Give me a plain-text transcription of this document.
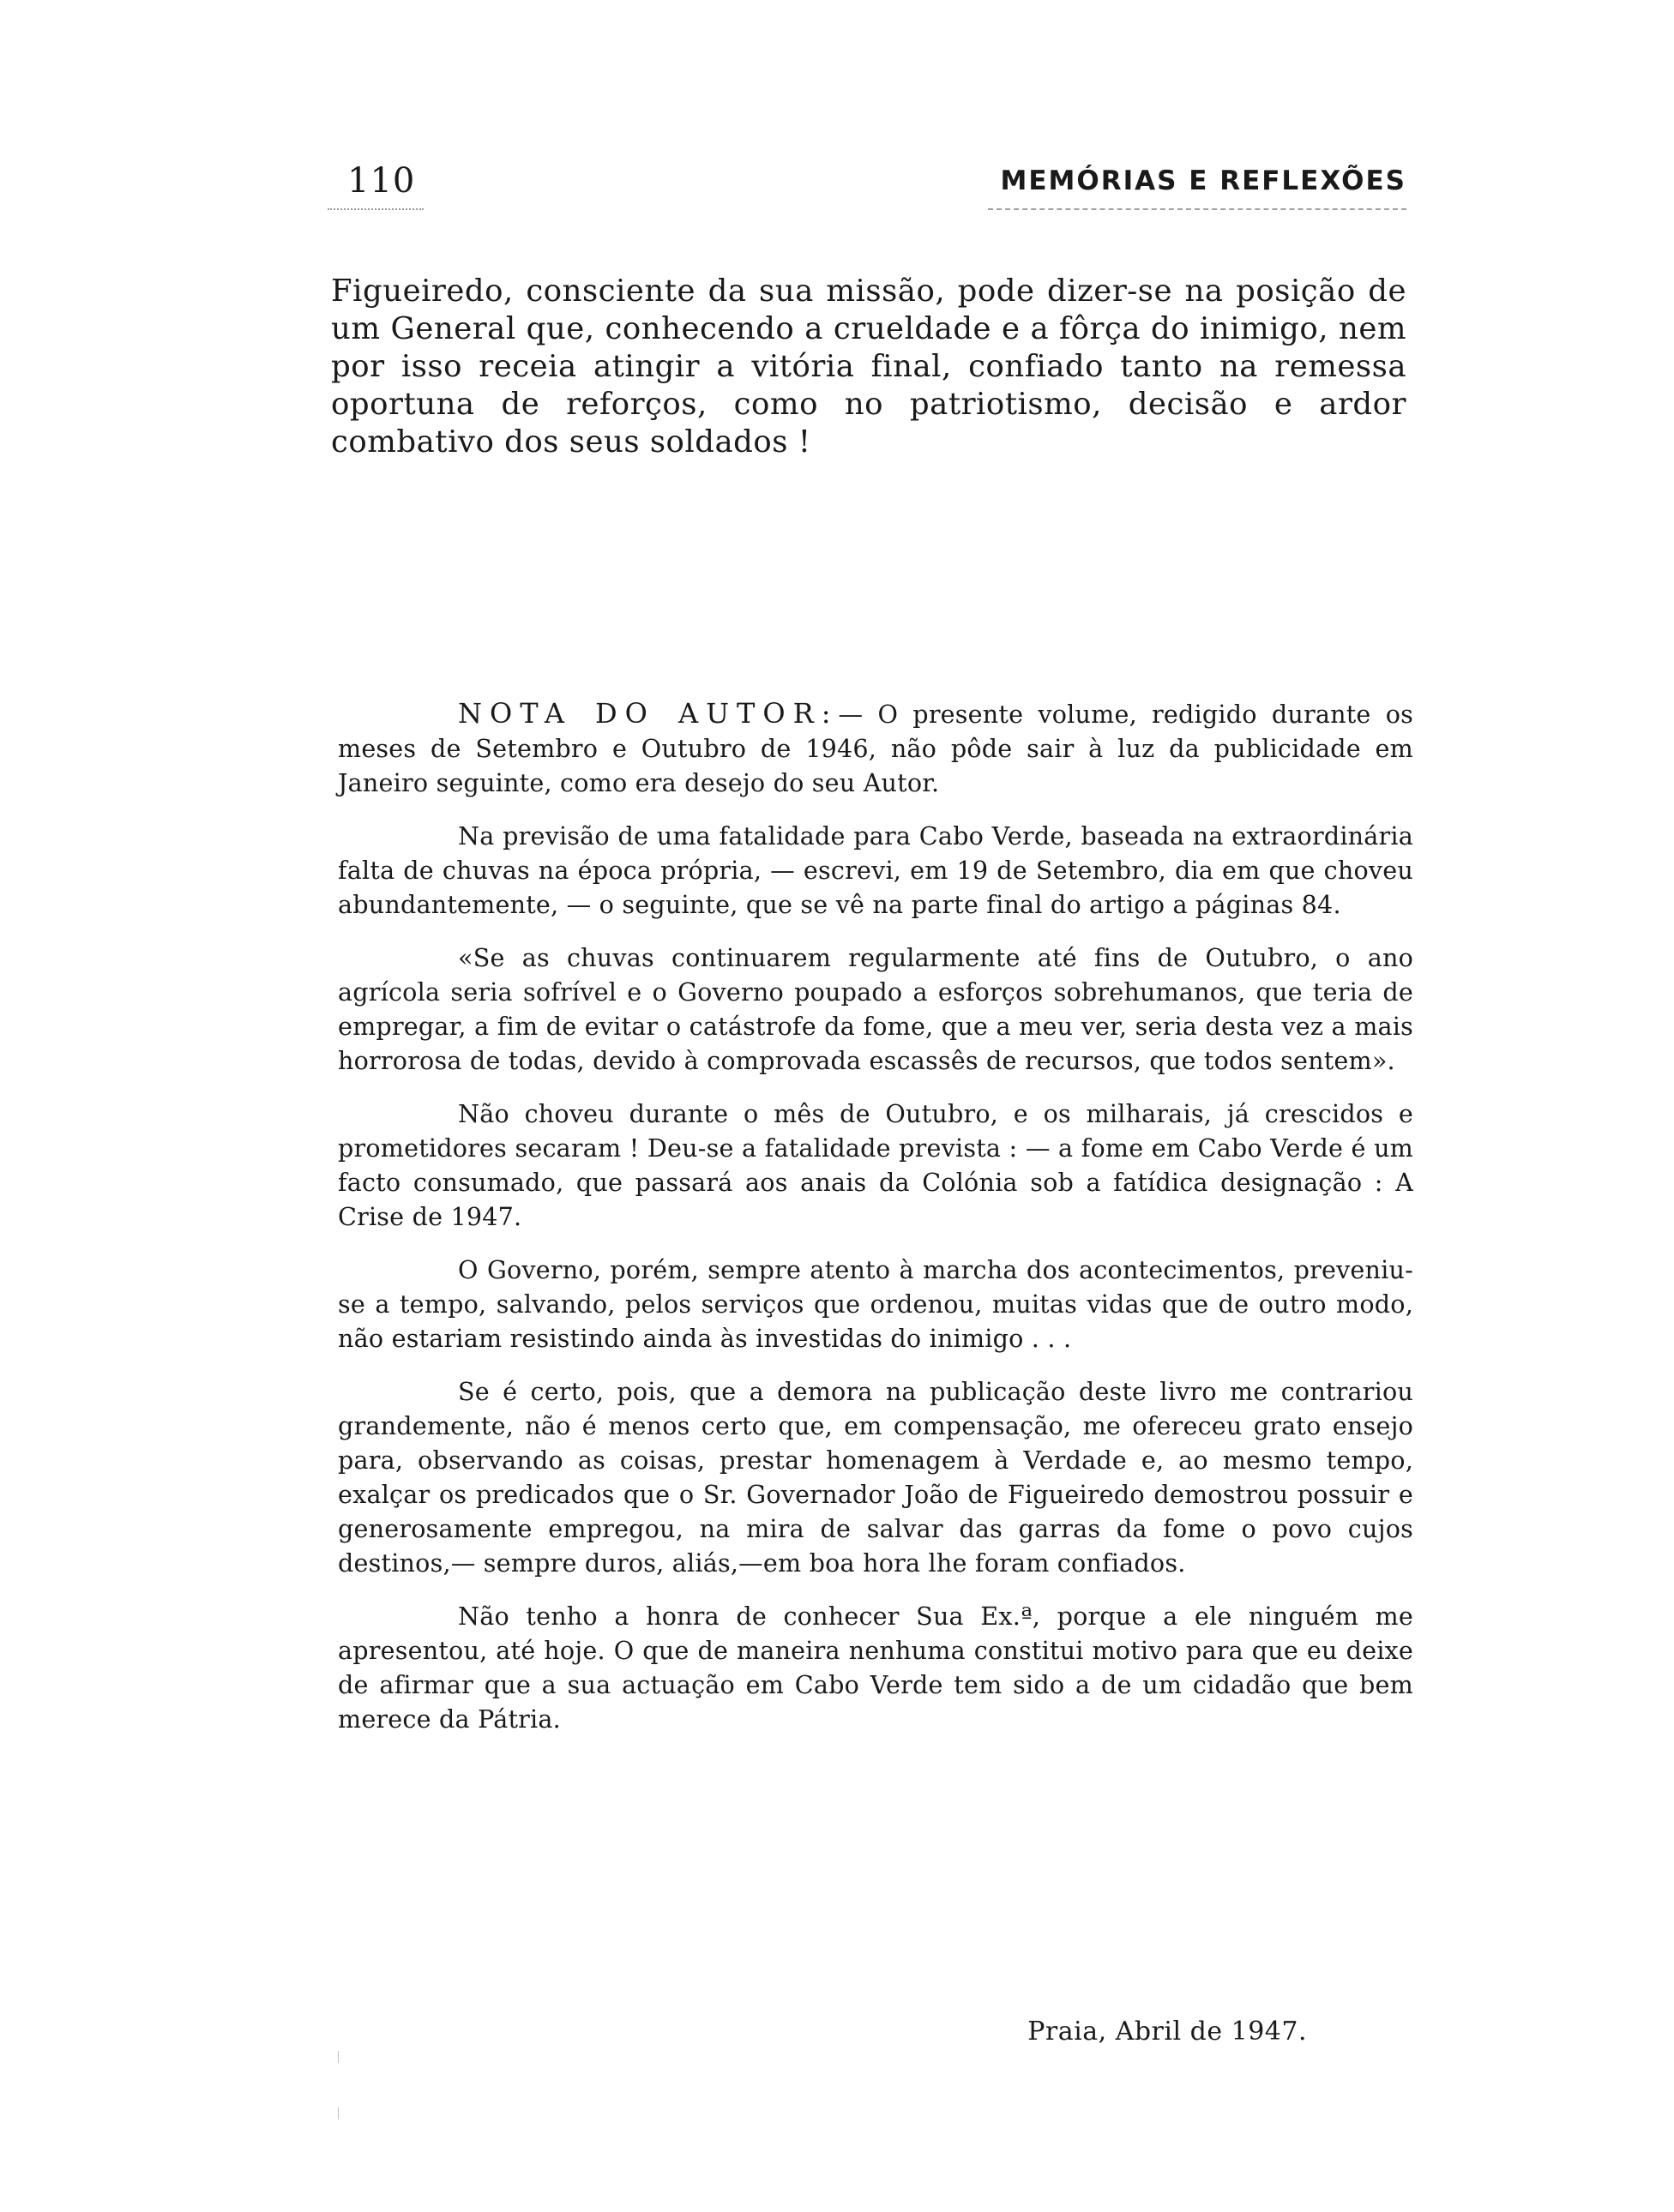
110	MEMÓRIAS E REFLEXÕES

Figueiredo, consciente da sua missão, pode dizer-se na posição de um General que, conhecendo a crueldade e a fôrça do inimigo, nem por isso receia atingir a vitória final, confiado tanto na remessa oportuna de reforços, como no patriotismo, decisão e ardor combativo dos seus soldados !

NOTA DO AUTOR:— O presente volume, redigido durante os meses de Setembro e Outubro de 1946, não pôde sair à luz da publicidade em Janeiro seguinte, como era desejo do seu Autor.

Na previsão de uma fatalidade para Cabo Verde, baseada na extraordinária falta de chuvas na época própria, — escrevi, em 19 de Setembro, dia em que choveu abundantemente, — o seguinte, que se vê na parte final do artigo a páginas 84.

«Se as chuvas continuarem regularmente até fins de Outubro, o ano agrícola seria sofrível e o Governo poupado a esforços sobrehumanos, que teria de empregar, a fim de evitar o catástrofe da fome, que a meu ver, seria desta vez a mais horrorosa de todas, devido à comprovada escassês de recursos, que todos sentem».

Não choveu durante o mês de Outubro, e os milharais, já crescidos e prometidores secaram ! Deu-se a fatalidade prevista : — a fome em Cabo Verde é um facto consumado, que passará aos anais da Colónia sob a fatídica designação : A Crise de 1947.

O Governo, porém, sempre atento à marcha dos acontecimentos, preveniu-se a tempo, salvando, pelos serviços que ordenou, muitas vidas que de outro modo, não estariam resistindo ainda às investidas do inimigo . . .

Se é certo, pois, que a demora na publicação deste livro me contrariou grandemente, não é menos certo que, em compensação, me ofereceu grato ensejo para, observando as coisas, prestar homenagem à Verdade e, ao mesmo tempo, exalçar os predicados que o Sr. Governador João de Figueiredo demostrou possuir e generosamente empregou, na mira de salvar das garras da fome o povo cujos destinos,— sempre duros, aliás,—em boa hora lhe foram confiados.

Não tenho a honra de conhecer Sua Ex.ª, porque a ele ninguém me apresentou, até hoje. O que de maneira nenhuma constitui motivo para que eu deixe de afirmar que a sua actuação em Cabo Verde tem sido a de um cidadão que bem merece da Pátria.

Praia, Abril de 1947.
